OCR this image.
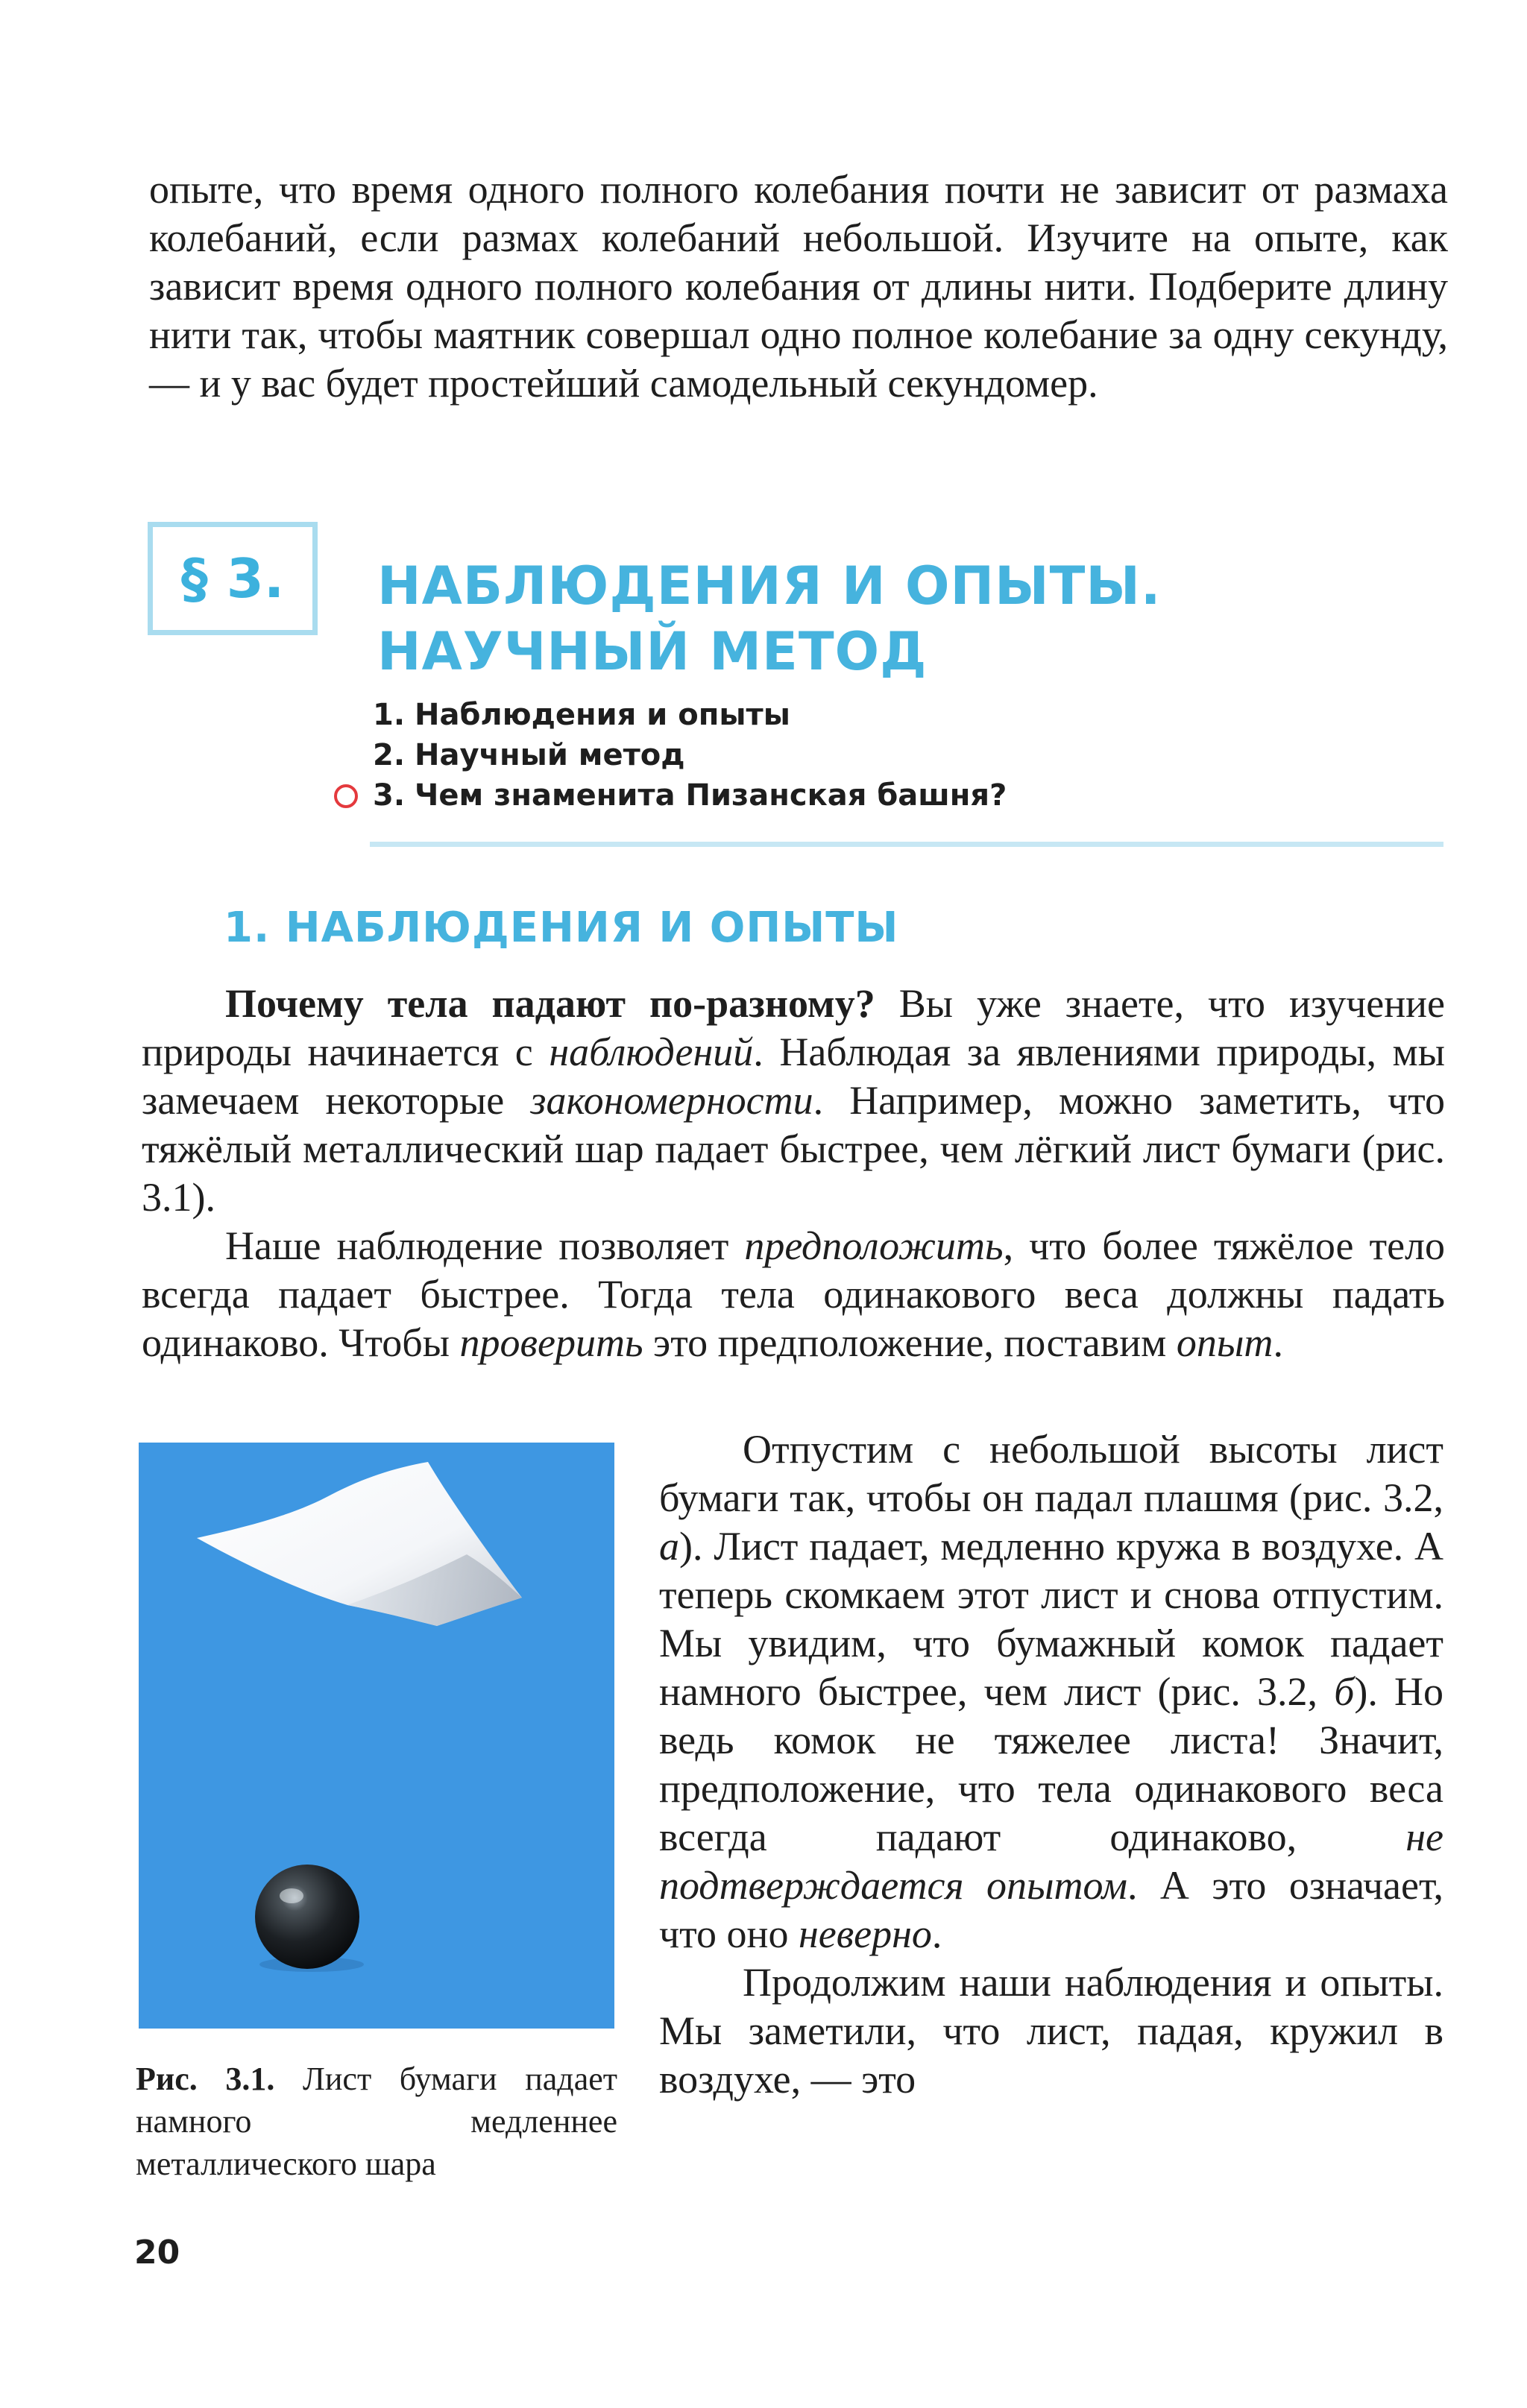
опыте, что время одного полного колебания почти не зависит от размаха колебаний, если размах колебаний небольшой. Изучите на опыте, как зависит время одного полного колебания от длины нити. Подберите длину нити так, чтобы маятник совершал одно полное колебание за одну секунду, — и у вас будет простейший самодельный секундомер.

§ 3. НАБЛЮДЕНИЯ И ОПЫТЫ.
НАУЧНЫЙ МЕТОД
1. Наблюдения и опыты
2. Научный метод
3. Чем знаменита Пизанская башня?
1. НАБЛЮДЕНИЯ И ОПЫТЫ

Почему тела падают по-разному? Вы уже знаете, что изучение природы начинается с наблюдений. Наблюдая за явлениями природы, мы замечаем некоторые закономерности. Например, можно заметить, что тяжёлый металлический шар падает быстрее, чем лёгкий лист бумаги (рис. 3.1).

Наше наблюдение позволяет предположить, что более тяжёлое тело всегда падает быстрее. Тогда тела одинакового веса должны падать одинаково. Чтобы проверить это предположение, поставим опыт.

Рис. 3.1. Лист бумаги падает намного медленнее металлического шара

Отпустим с небольшой высоты лист бумаги так, чтобы он падал плашмя (рис. 3.2, а). Лист падает, медленно кружа в воздухе. А теперь скомкаем этот лист и снова отпустим. Мы увидим, что бумажный комок падает намного быстрее, чем лист (рис. 3.2, б). Но ведь комок не тяжелее листа! Значит, предположение, что тела одинакового веса всегда падают одинаково, не подтверждается опытом. А это означает, что оно неверно.

Продолжим наши наблюдения и опыты. Мы заметили, что лист, падая, кружил в воздухе, — это

20
